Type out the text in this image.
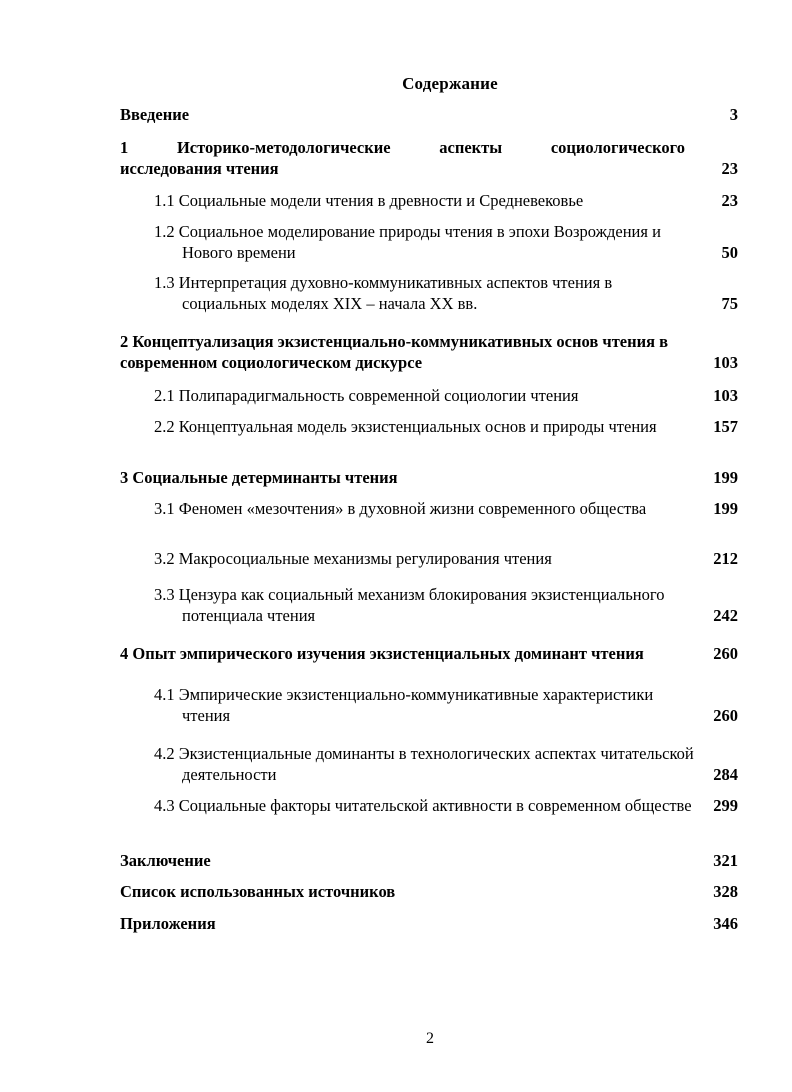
Содержание
Введение	3
1 Историко-методологические аспекты социологического
исследования чтения	23
1.1 Социальные модели чтения в древности и Средневековье	23
1.2 Социальное моделирование природы чтения в эпохи Возрождения и Нового времени	50
1.3 Интерпретация духовно-коммуникативных аспектов чтения в социальных моделях XIX – начала XX вв.	75
2 Концептуализация экзистенциально-коммуникативных основ чтения в современном социологическом дискурсе	103
2.1 Полипарадигмальность современной социологии чтения	103
2.2 Концептуальная модель экзистенциальных основ и природы чтения	157
3 Социальные детерминанты чтения	199
3.1 Феномен «мезочтения» в духовной жизни современного общества	199
3.2 Макросоциальные механизмы регулирования чтения	212
3.3 Цензура как социальный механизм блокирования экзистенциального потенциала чтения	242
4 Опыт эмпирического изучения экзистенциальных доминант чтения	260
4.1 Эмпирические экзистенциально-коммуникативные характеристики чтения	260
4.2 Экзистенциальные доминанты в технологических аспектах читательской деятельности	284
4.3 Социальные факторы читательской активности в современном обществе	299
Заключение	321
Список использованных источников	328
Приложения	346
2
